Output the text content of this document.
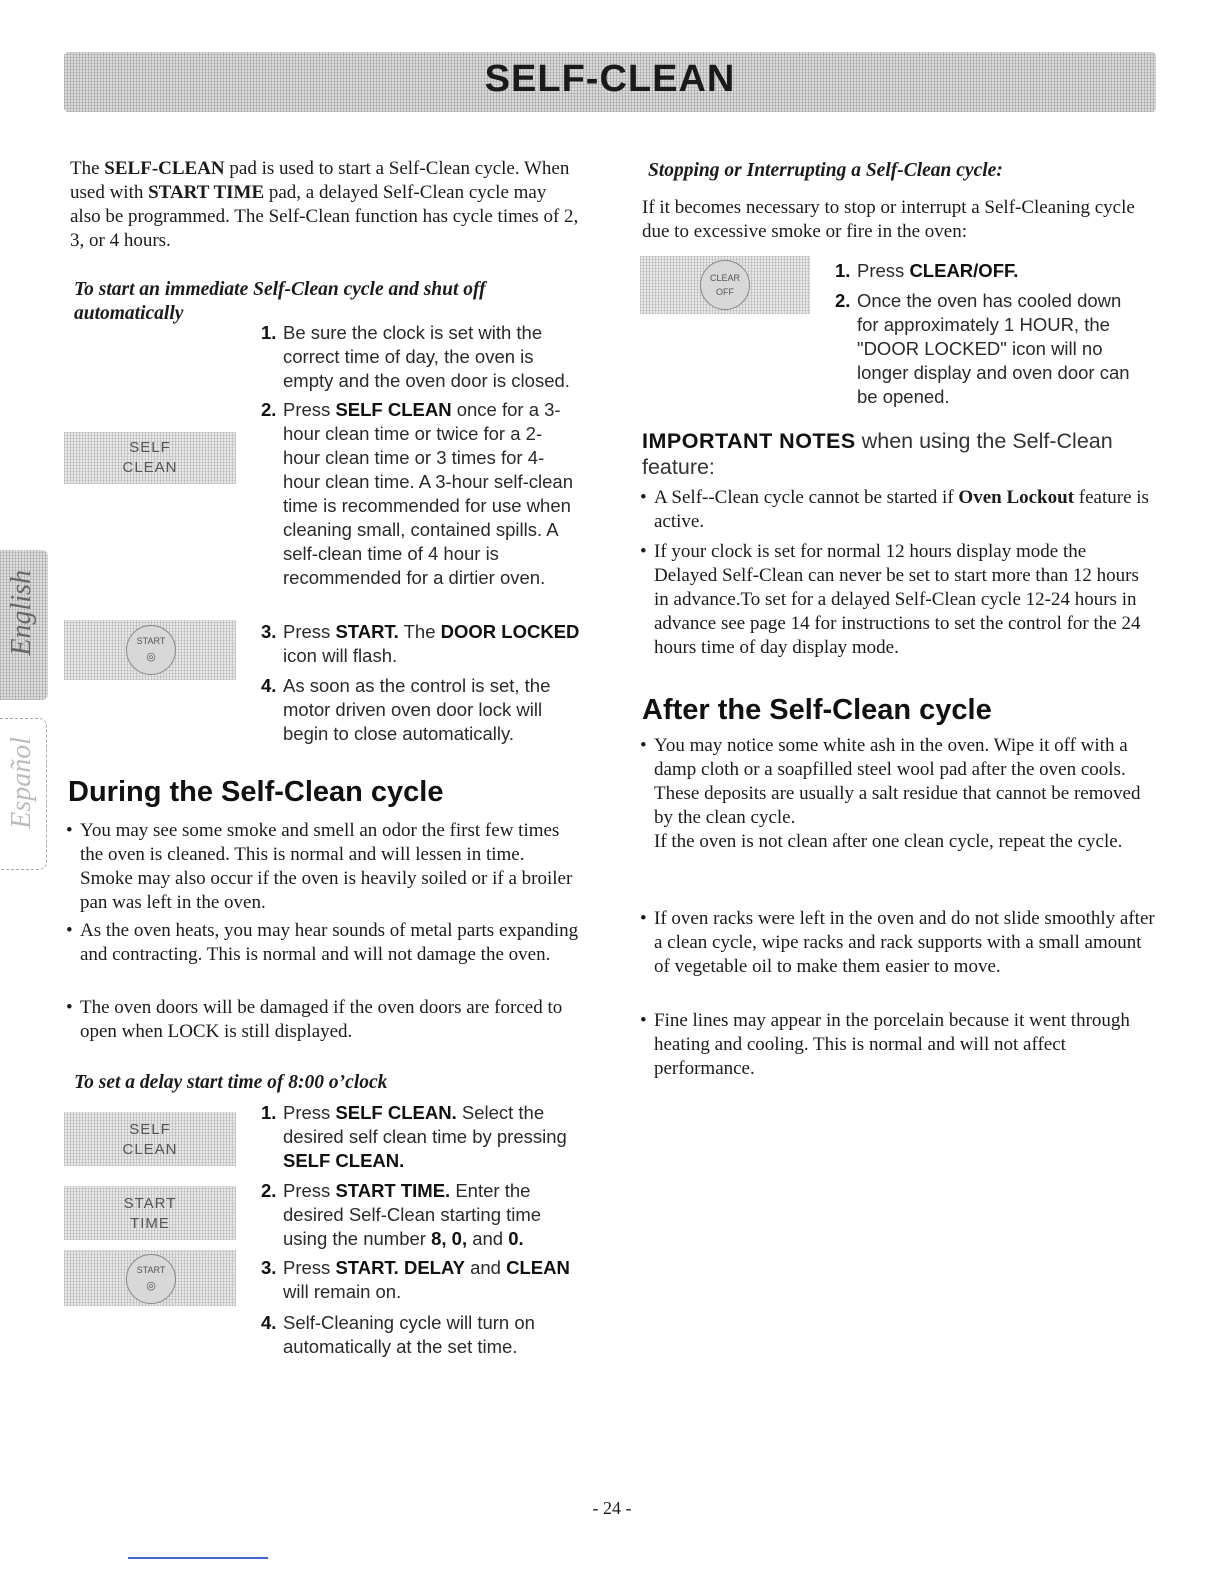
SELF-CLEAN
English
Español
The SELF-CLEAN pad is used to start a Self-Clean cycle. When used with START TIME pad, a delayed Self-Clean cycle may also be programmed. The Self-Clean function has cycle times of 2, 3, or 4 hours.
To start an immediate Self-Clean cycle and shut off automatically
SELF
CLEAN
START
◎
1. Be sure the clock is set with the correct time of day, the oven is empty and the oven door is closed.
2. Press SELF CLEAN once for a 3-hour clean time or twice for a 2-hour clean time or 3 times for 4-hour clean time. A 3-hour self-clean time is recommended for use when cleaning small, contained spills. A self-clean time of 4 hour is recommended for a dirtier oven.
3. Press START. The DOOR LOCKED icon will flash.
4. As soon as the control is set, the motor driven oven door lock will begin to close automatically.
During the Self-Clean cycle
• You may see some smoke and smell an odor the first few times the oven is cleaned. This is normal and will lessen in time. Smoke may also occur if the oven is heavily soiled or if a broiler pan was left in the oven.
• As the oven heats, you may hear sounds of metal parts expanding and contracting. This is normal and will not damage the oven.
• The oven doors will be damaged if the oven doors are forced to open when LOCK is still displayed.
To set a delay start time of 8:00 o’clock
SELF
CLEAN
START
TIME
START
◎
1. Press SELF CLEAN. Select the desired self clean time by pressing SELF CLEAN.
2. Press START TIME. Enter the desired Self-Clean starting time using the number 8, 0, and 0.
3. Press START. DELAY and CLEAN will remain on.
4. Self-Cleaning cycle will turn on automatically at the set time.
Stopping or Interrupting a Self-Clean cycle:
If it becomes necessary to stop or interrupt a Self-Cleaning cycle due to excessive smoke or fire in the oven:
CLEAR
OFF
1. Press CLEAR/OFF.
2. Once the oven has cooled down for approximately 1 HOUR, the "DOOR LOCKED" icon will no longer display and oven door can be opened.
IMPORTANT NOTES when using the Self-Clean feature:
• A Self--Clean cycle cannot be started if Oven Lockout feature is active.
• If your clock is set for normal 12 hours display mode the Delayed Self-Clean can never be set to start more than 12 hours in advance.To set for a delayed Self-Clean cycle 12-24 hours in advance see page 14 for instructions to set the control for the 24 hours time of day display mode.
After the Self-Clean cycle
• You may notice some white ash in the oven. Wipe it off with a damp cloth or a soapfilled steel wool pad after the oven cools.
These deposits are usually a salt residue that cannot be removed by the clean cycle.
If the oven is not clean after one clean cycle, repeat the cycle.
• If oven racks were left in the oven and do not slide smoothly after a clean cycle, wipe racks and rack supports with a small amount of vegetable oil to make them easier to move.
• Fine lines may appear in the porcelain because it went through heating and cooling. This is normal and will not affect performance.
- 24 -
